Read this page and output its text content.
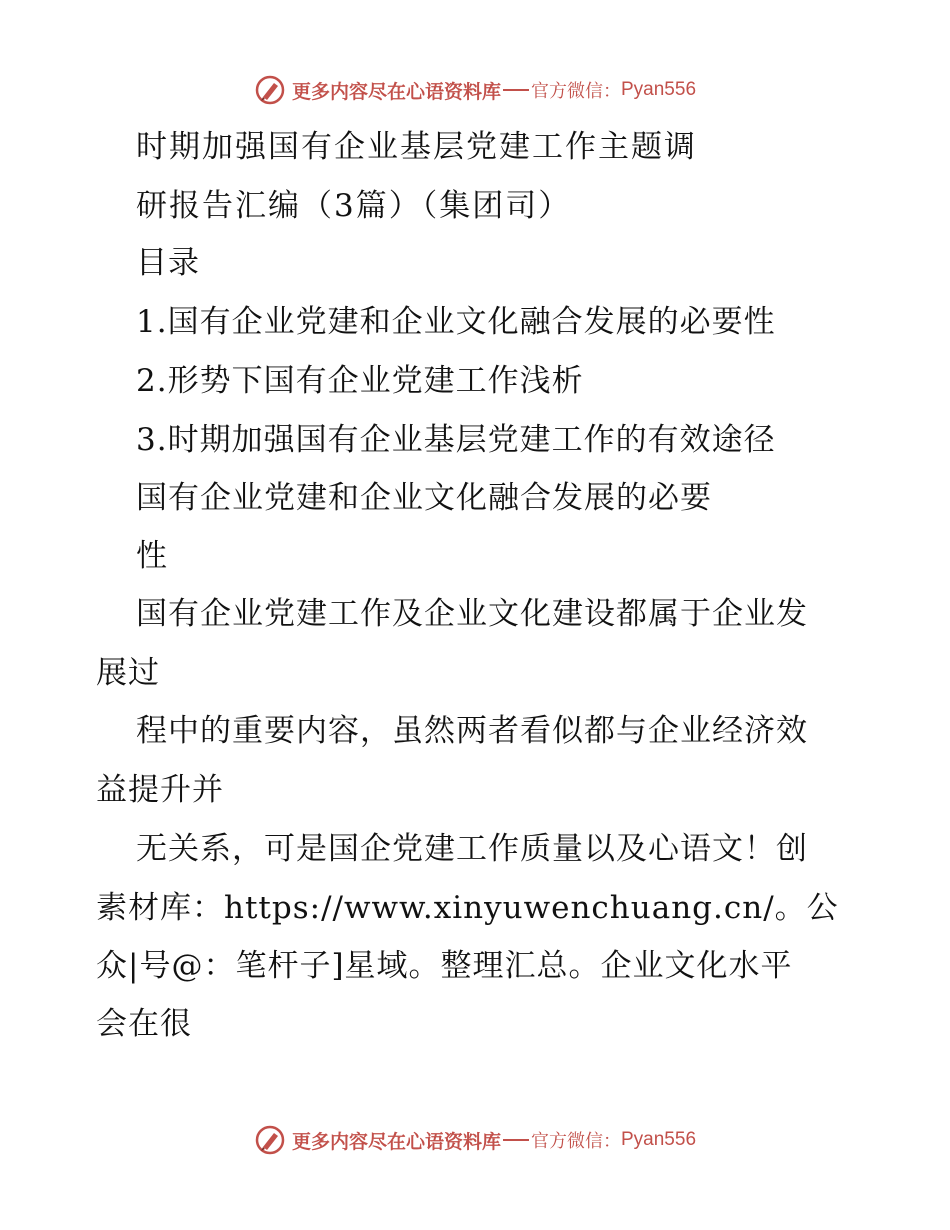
更多内容尽在心语资料库 官方微信： Pyan556
时期加强国有企业基层党建工作主题调
研报告汇编（3篇）（集团司）
目录
1.国有企业党建和企业文化融合发展的必要性
2.形势下国有企业党建工作浅析
3.时期加强国有企业基层党建工作的有效途径
国有企业党建和企业文化融合发展的必要
性
国有企业党建工作及企业文化建设都属于企业发
展过
程中的重要内容，虽然两者看似都与企业经济效
益提升并
无关系，可是国企党建工作质量以及心语文！创
素材库：https://www.xinyuwenchuang.cn/。公
众|号@：笔杆子]星域。整理汇总。企业文化水平
会在很
更多内容尽在心语资料库 官方微信： Pyan556
